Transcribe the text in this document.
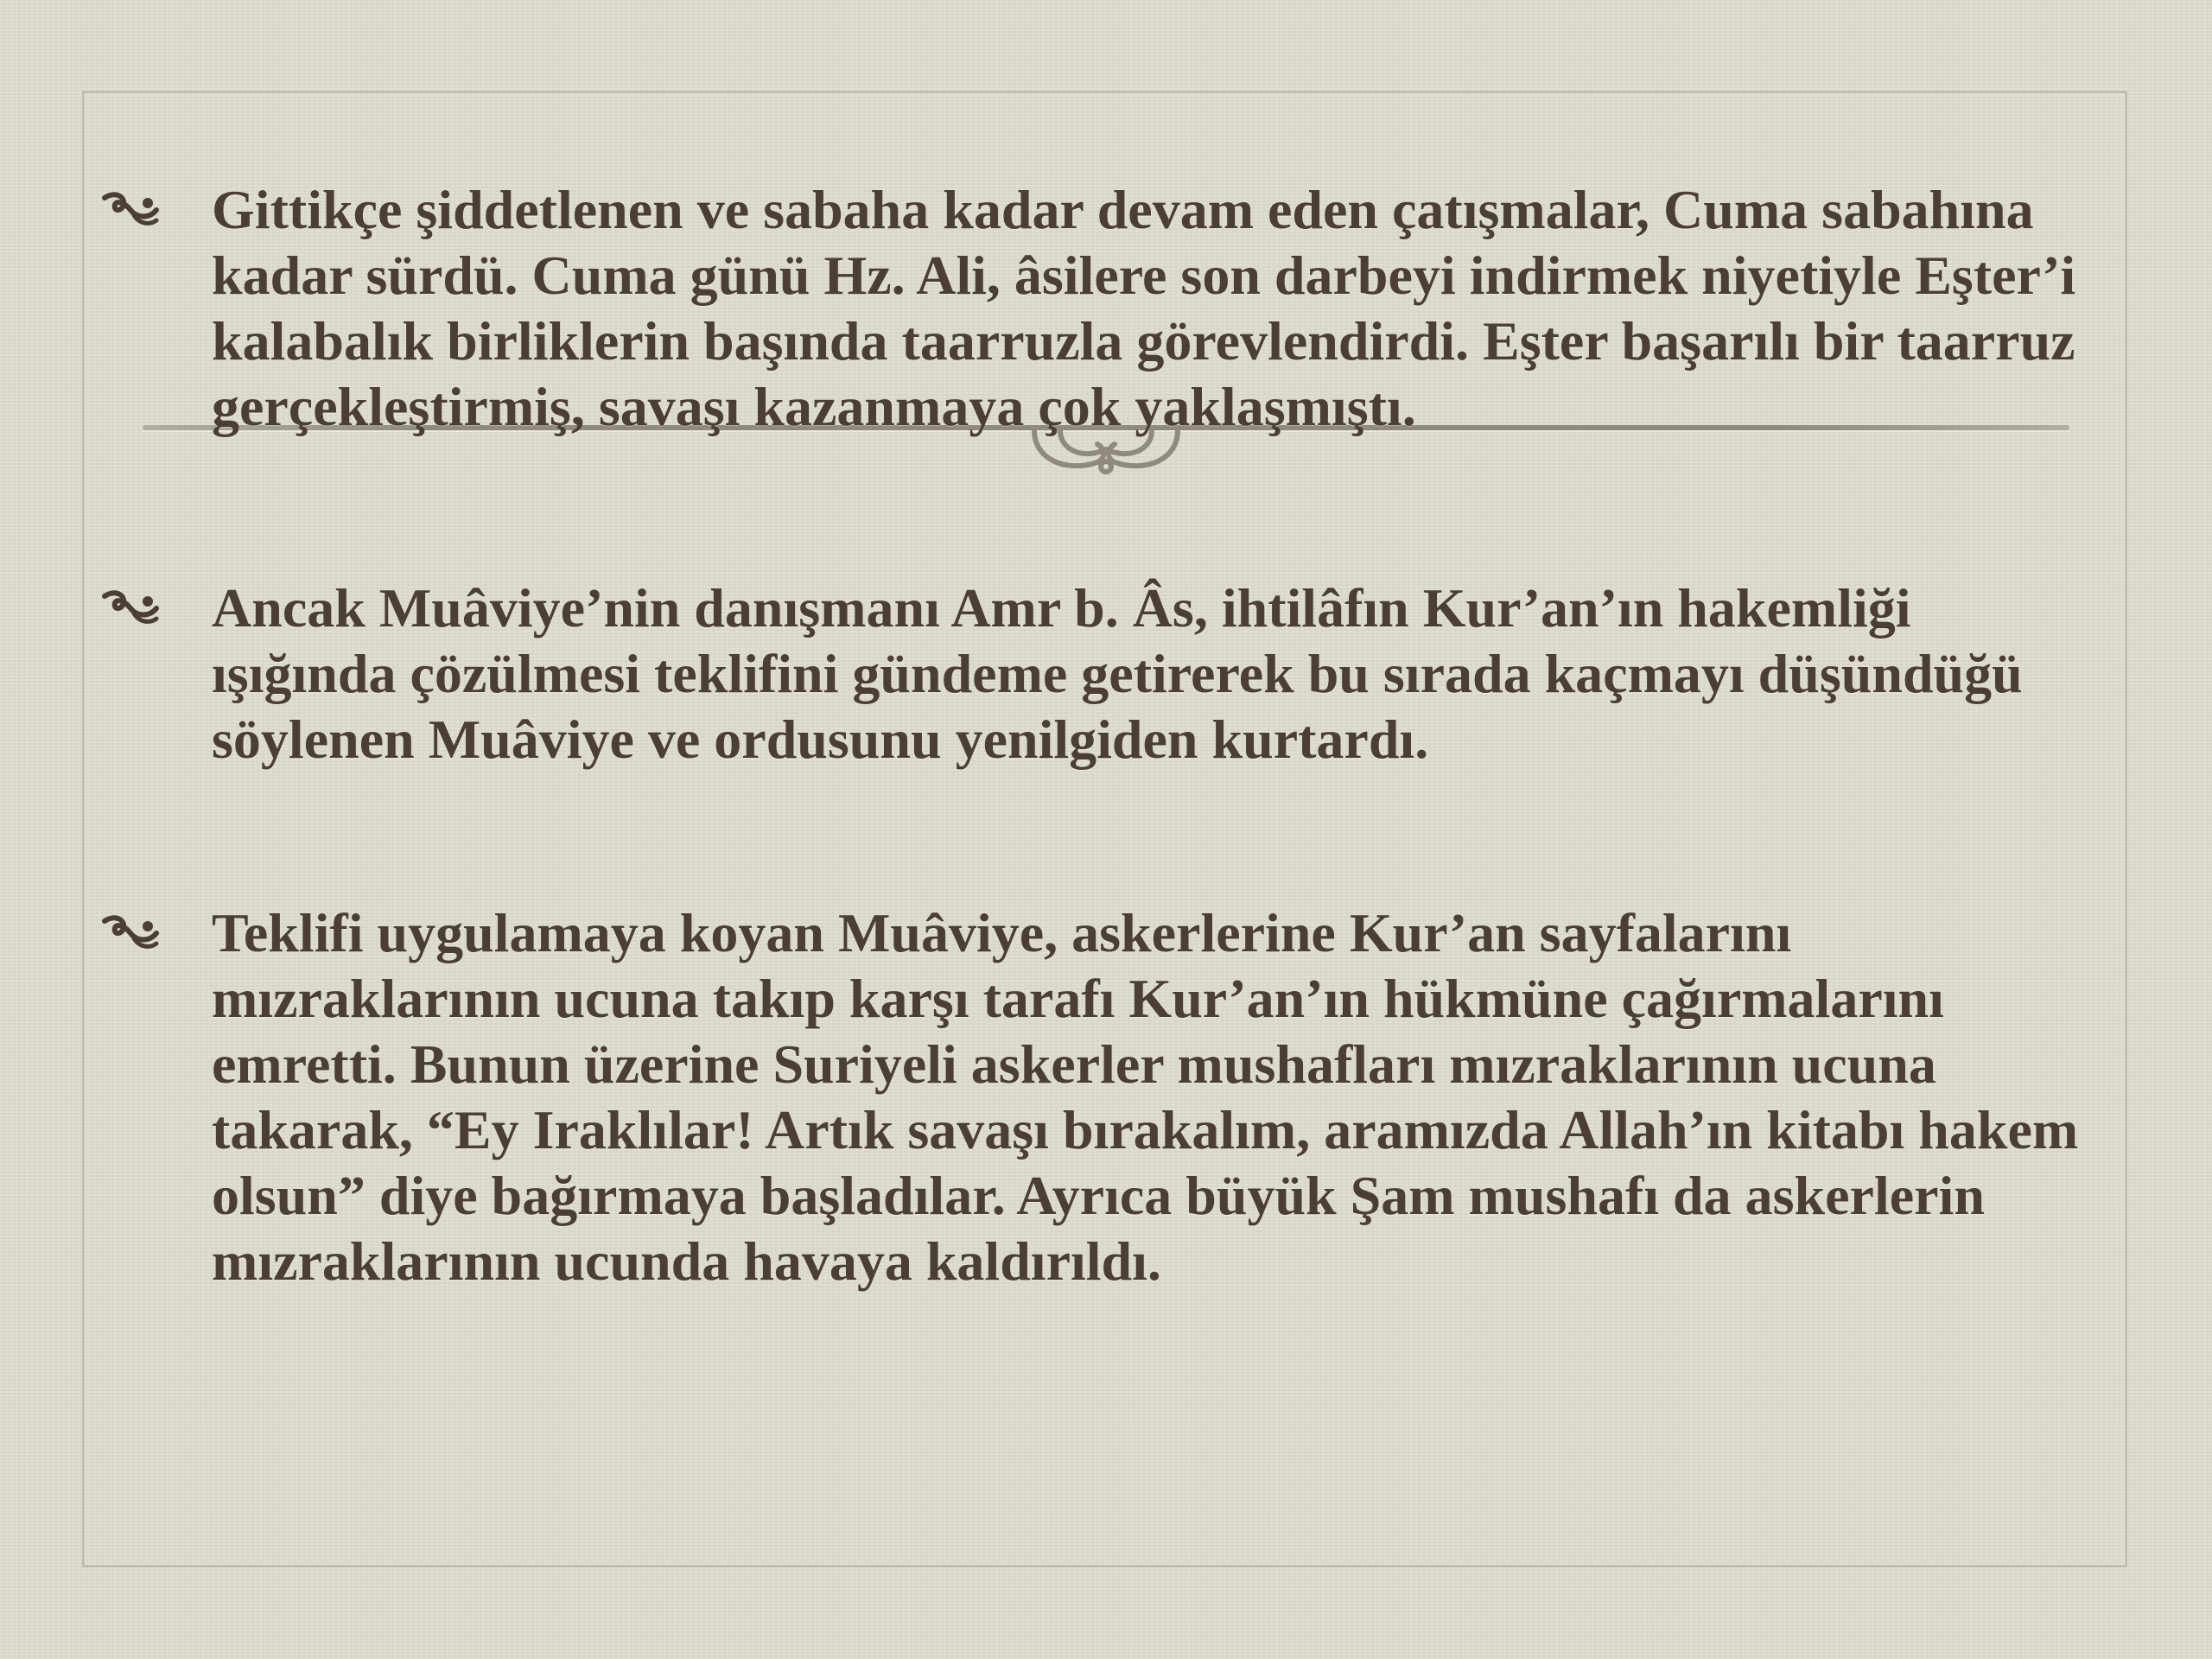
Gittikçe şiddetlenen ve sabaha kadar devam eden çatışmalar, Cuma sabahına kadar sürdü. Cuma günü Hz. Ali, âsilere son darbeyi indirmek niyetiyle Eşter’i kalabalık birliklerin başında taarruzla görevlendirdi. Eşter başarılı bir taarruz gerçekleştirmiş, savaşı kazanmaya çok yaklaşmıştı.
Ancak Muâviye’nin danışmanı Amr b. Âs, ihtilâfın Kur’an’ın hakemliği ışığında çözülmesi teklifini gündeme getirerek bu sırada kaçmayı düşündüğü söylenen Muâviye ve ordusunu yenilgiden kurtardı.
Teklifi uygulamaya koyan Muâviye, askerlerine Kur’an sayfalarını mızraklarının ucuna takıp karşı tarafı Kur’an’ın hükmüne çağırmalarını emretti. Bunun üzerine Suriyeli askerler mushafları mızraklarının ucuna takarak, “Ey Iraklılar! Artık savaşı bırakalım, aramızda Allah’ın kitabı hakem olsun” diye bağırmaya başladılar. Ayrıca büyük Şam mushafı da askerlerin mızraklarının ucunda havaya kaldırıldı.
